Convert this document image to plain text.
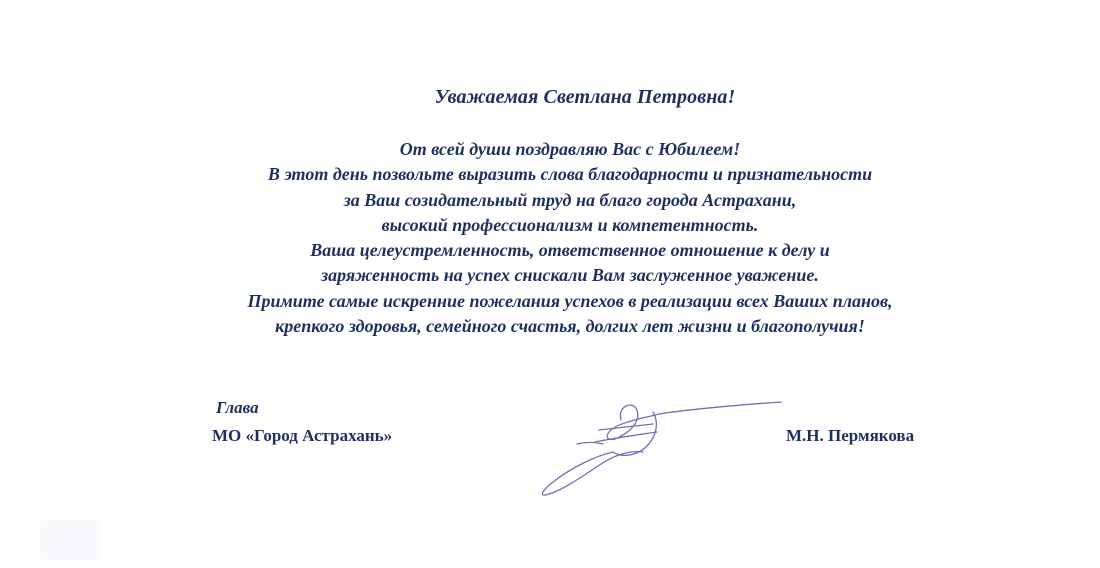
Уважаемая Светлана Петровна!
От всей души поздравляю Вас с Юбилеем!
В этот день позвольте выразить слова благодарности и признательности
за Ваш созидательный труд на благо города Астрахани,
высокий профессионализм и компетентность.
Ваша целеустремленность, ответственное отношение к делу и
заряженность на успех снискали Вам заслуженное уважение.
Примите самые искренние пожелания успехов в реализации всех Ваших планов,
крепкого здоровья, семейного счастья, долгих лет жизни и благополучия!
Глава
МО «Город Астрахань»	М.Н. Пермякова
